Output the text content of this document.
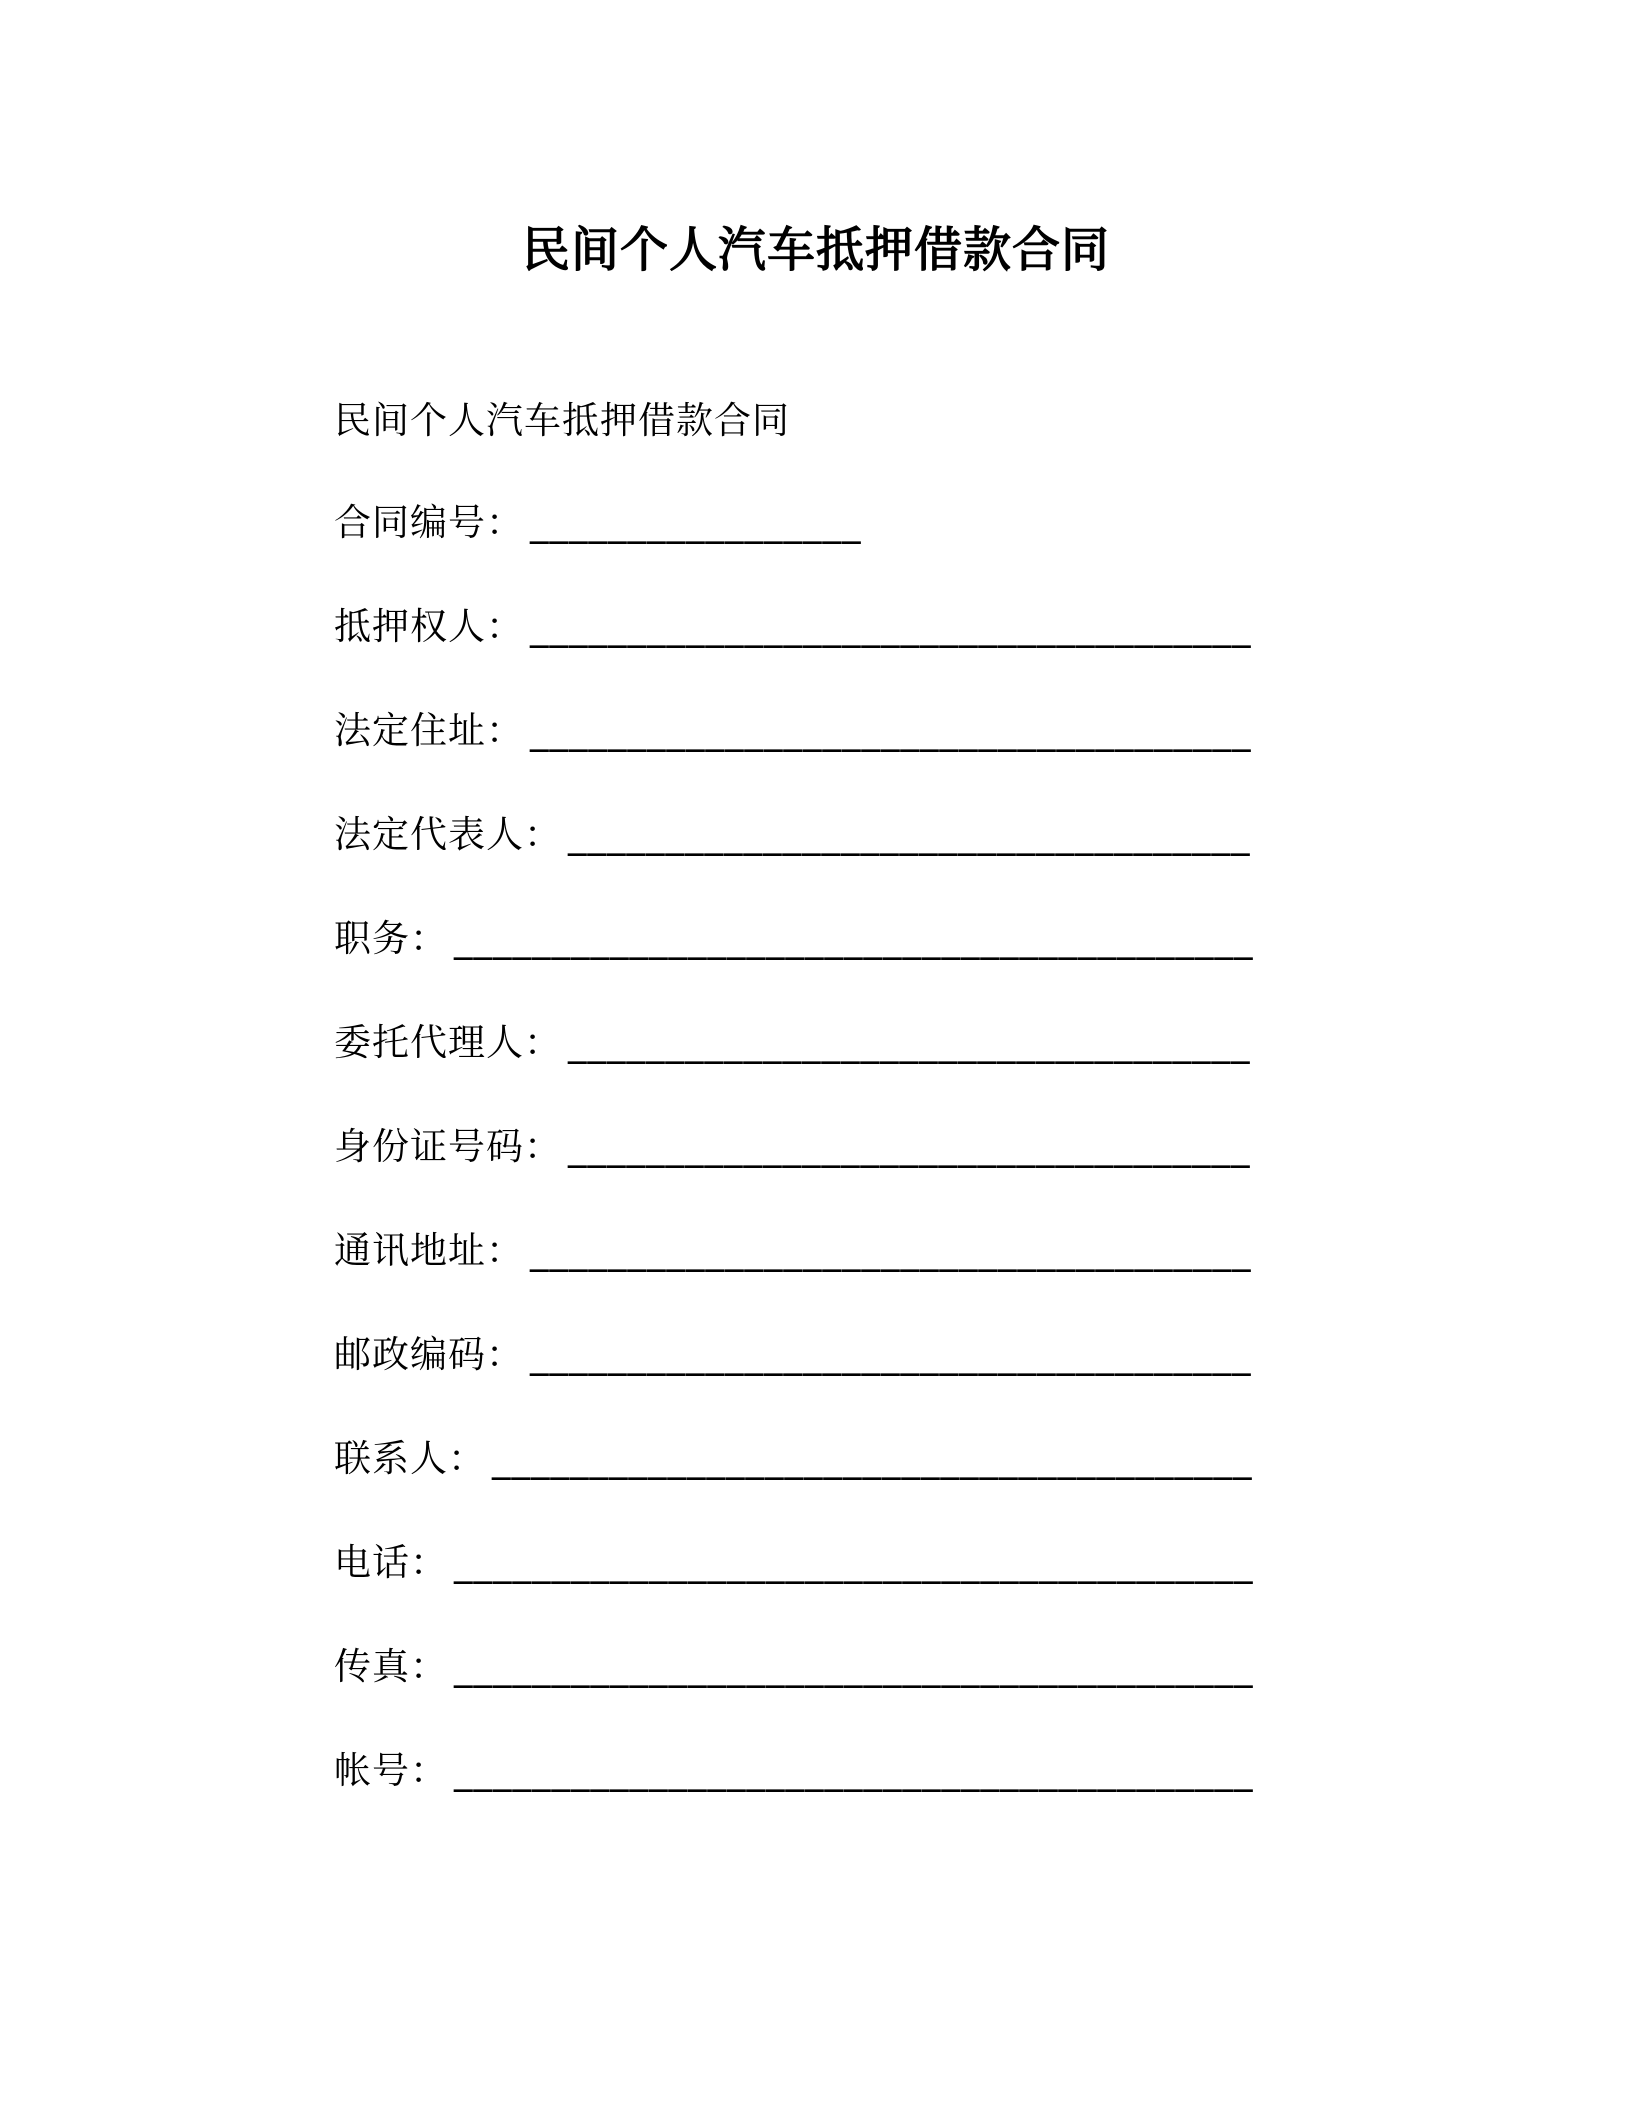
民间个人汽车抵押借款合同
民间个人汽车抵押借款合同
合同编号： _________________
抵押权人： _____________________________________
法定住址： _____________________________________
法定代表人： ___________________________________
职务： _________________________________________
委托代理人： ___________________________________
身份证号码： ___________________________________
通讯地址： _____________________________________
邮政编码： _____________________________________
联系人： _______________________________________
电话： _________________________________________
传真： _________________________________________
帐号： _________________________________________
